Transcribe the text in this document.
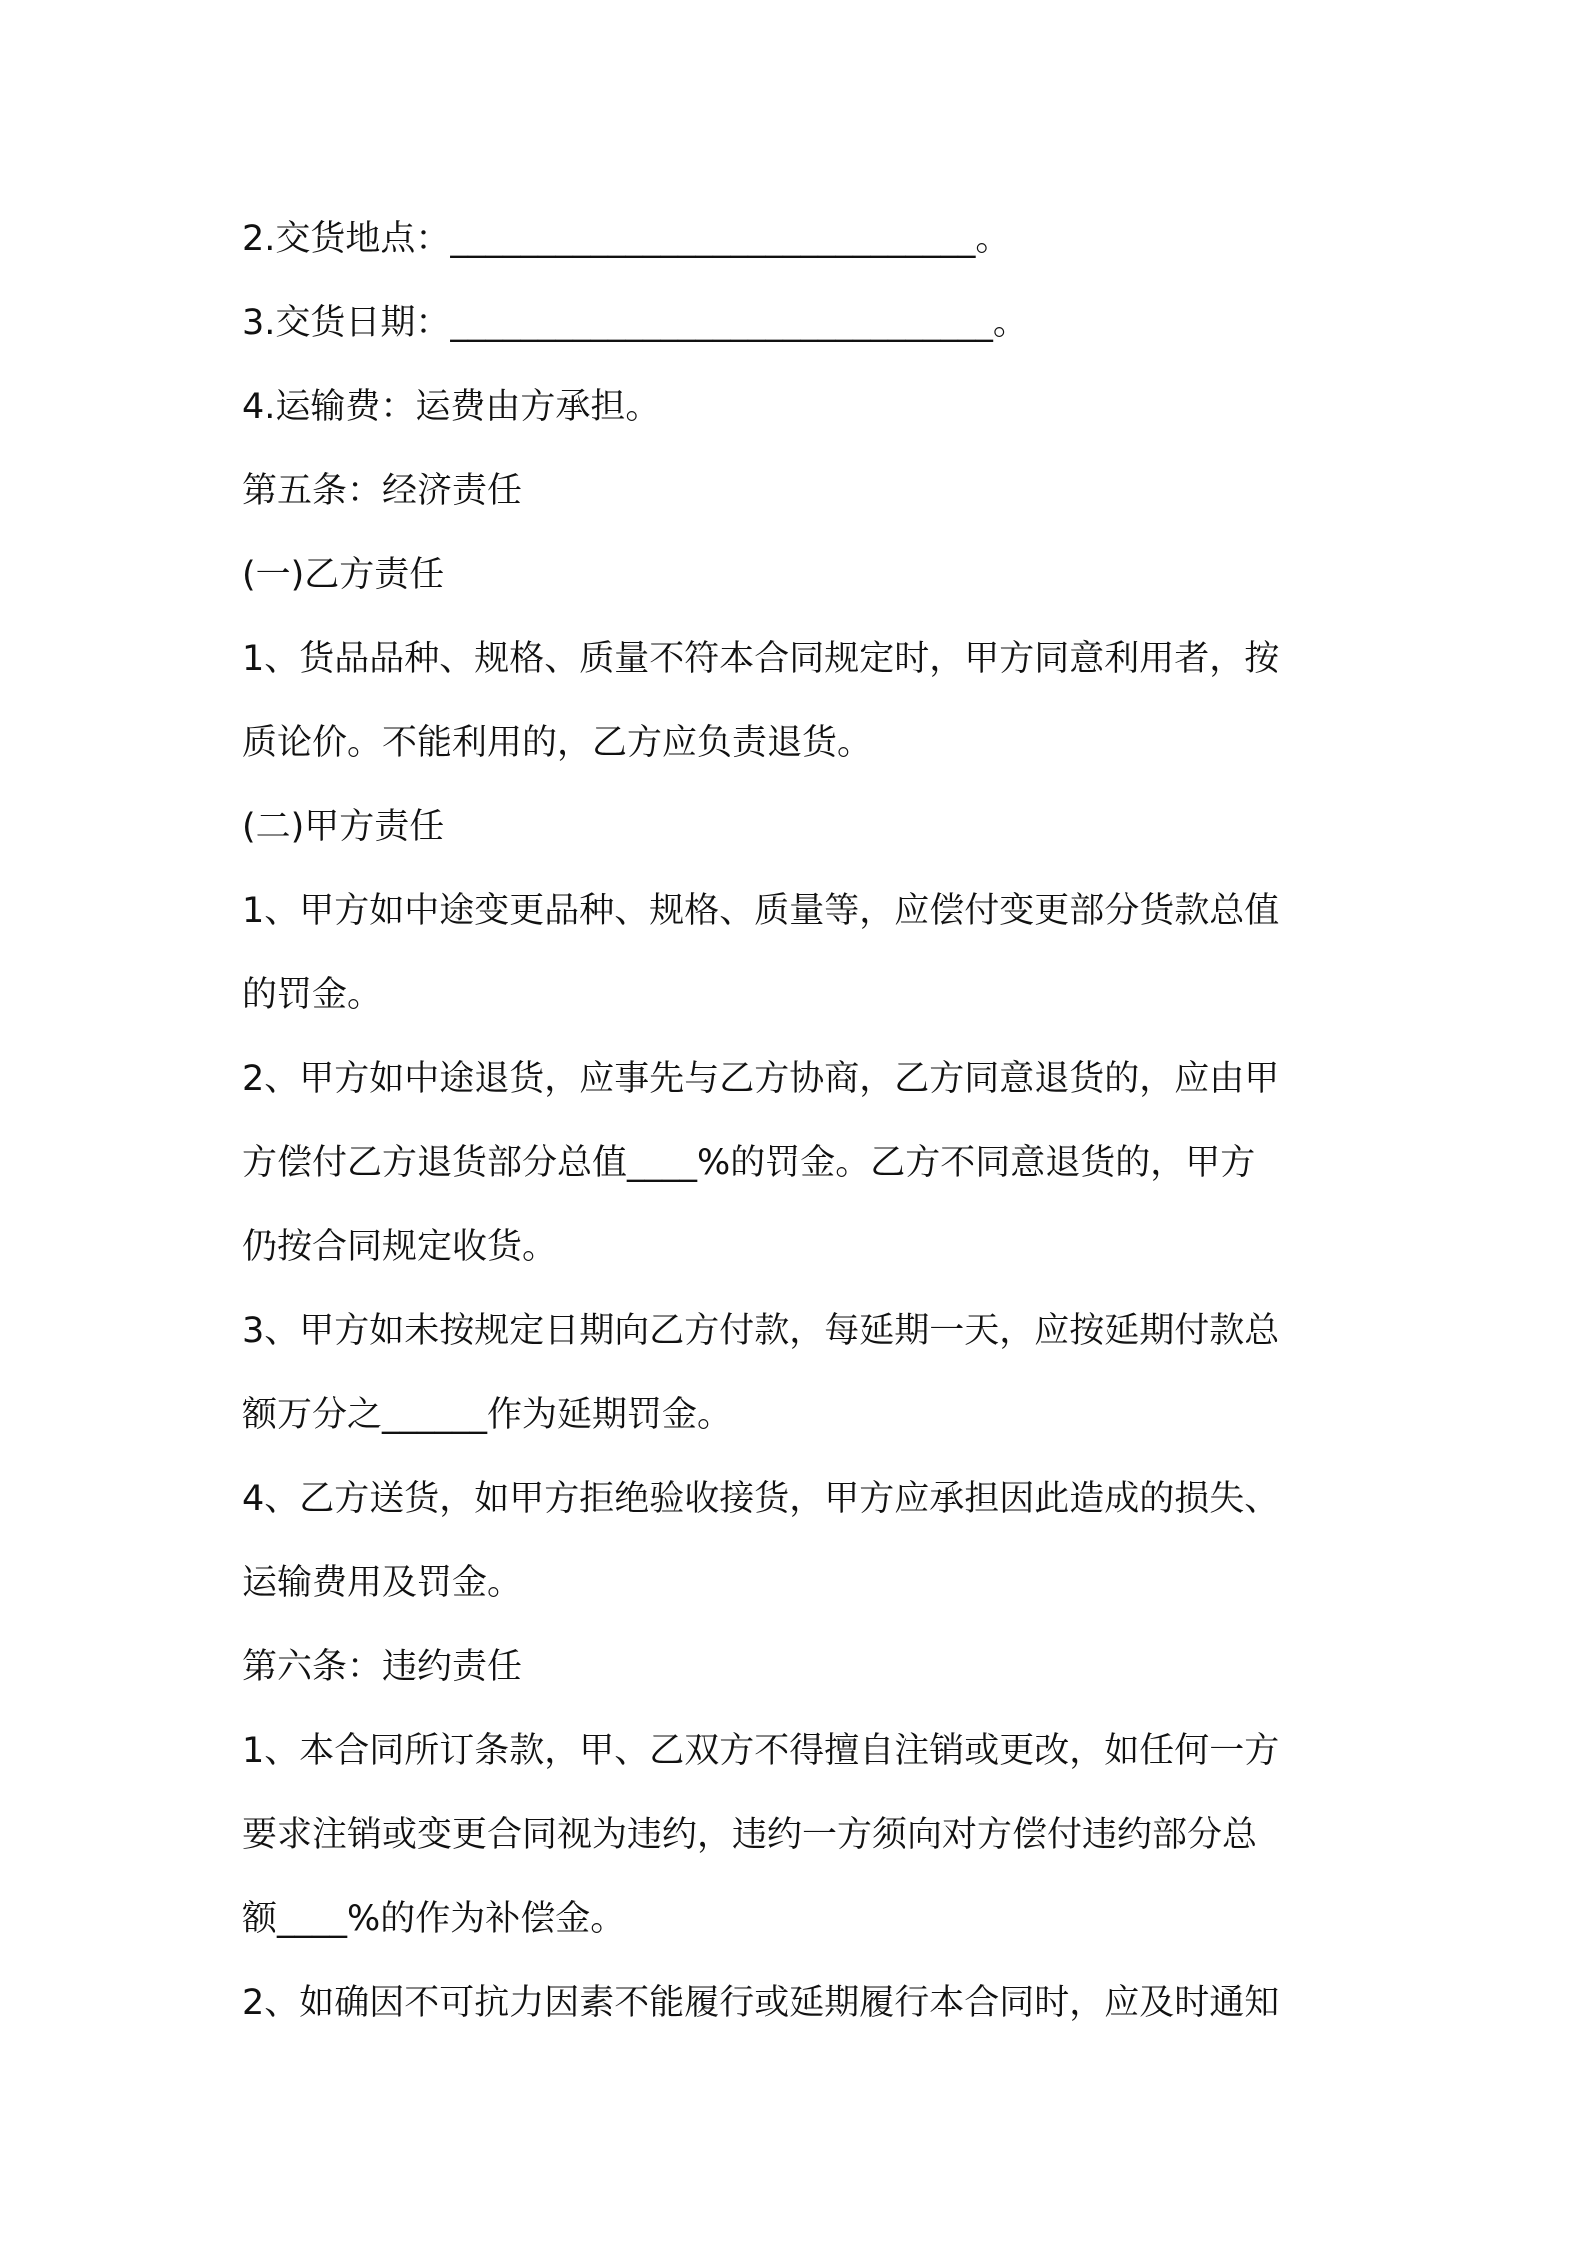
2.交货地点：______________________________。

3.交货日期：_______________________________。

4.运输费：运费由方承担。

第五条：经济责任

(一)乙方责任

1、货品品种、规格、质量不符本合同规定时，甲方同意利用者，按

质论价。不能利用的，乙方应负责退货。

(二)甲方责任

1、甲方如中途变更品种、规格、质量等，应偿付变更部分货款总值

的罚金。

2、甲方如中途退货，应事先与乙方协商，乙方同意退货的，应由甲

方偿付乙方退货部分总值____%的罚金。乙方不同意退货的，甲方

仍按合同规定收货。

3、甲方如未按规定日期向乙方付款，每延期一天，应按延期付款总

额万分之______作为延期罚金。

4、乙方送货，如甲方拒绝验收接货，甲方应承担因此造成的损失、

运输费用及罚金。

第六条：违约责任

1、本合同所订条款，甲、乙双方不得擅自注销或更改，如任何一方

要求注销或变更合同视为违约，违约一方须向对方偿付违约部分总

额____%的作为补偿金。

2、如确因不可抗力因素不能履行或延期履行本合同时，应及时通知
